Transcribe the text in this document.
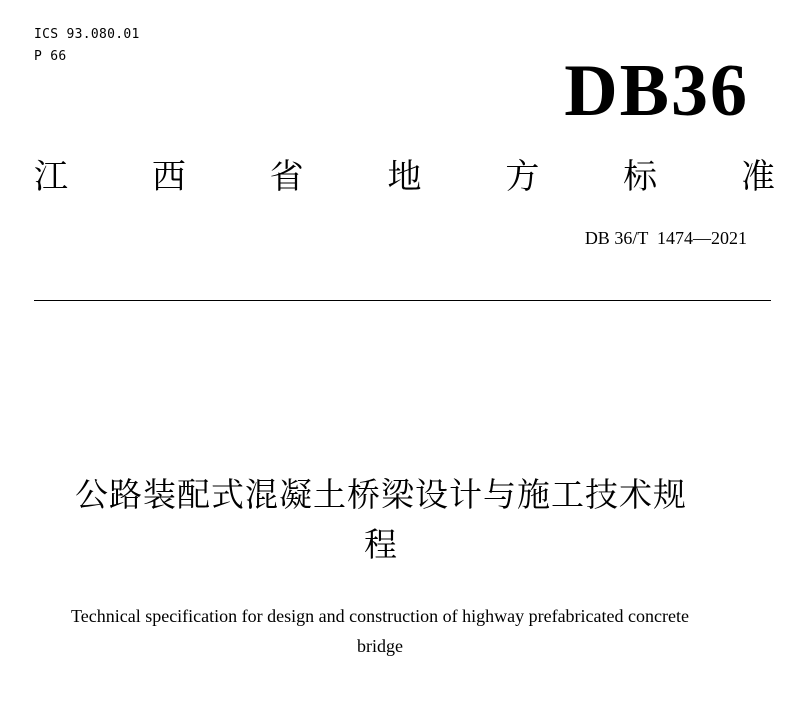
ICS 93.080.01
P 66	DB36
江 西 省 地 方 标 准
DB 36/T  1474—2021
公路装配式混凝土桥梁设计与施工技术规
程
Technical specification for design and construction of highway prefabricated concrete
bridge
